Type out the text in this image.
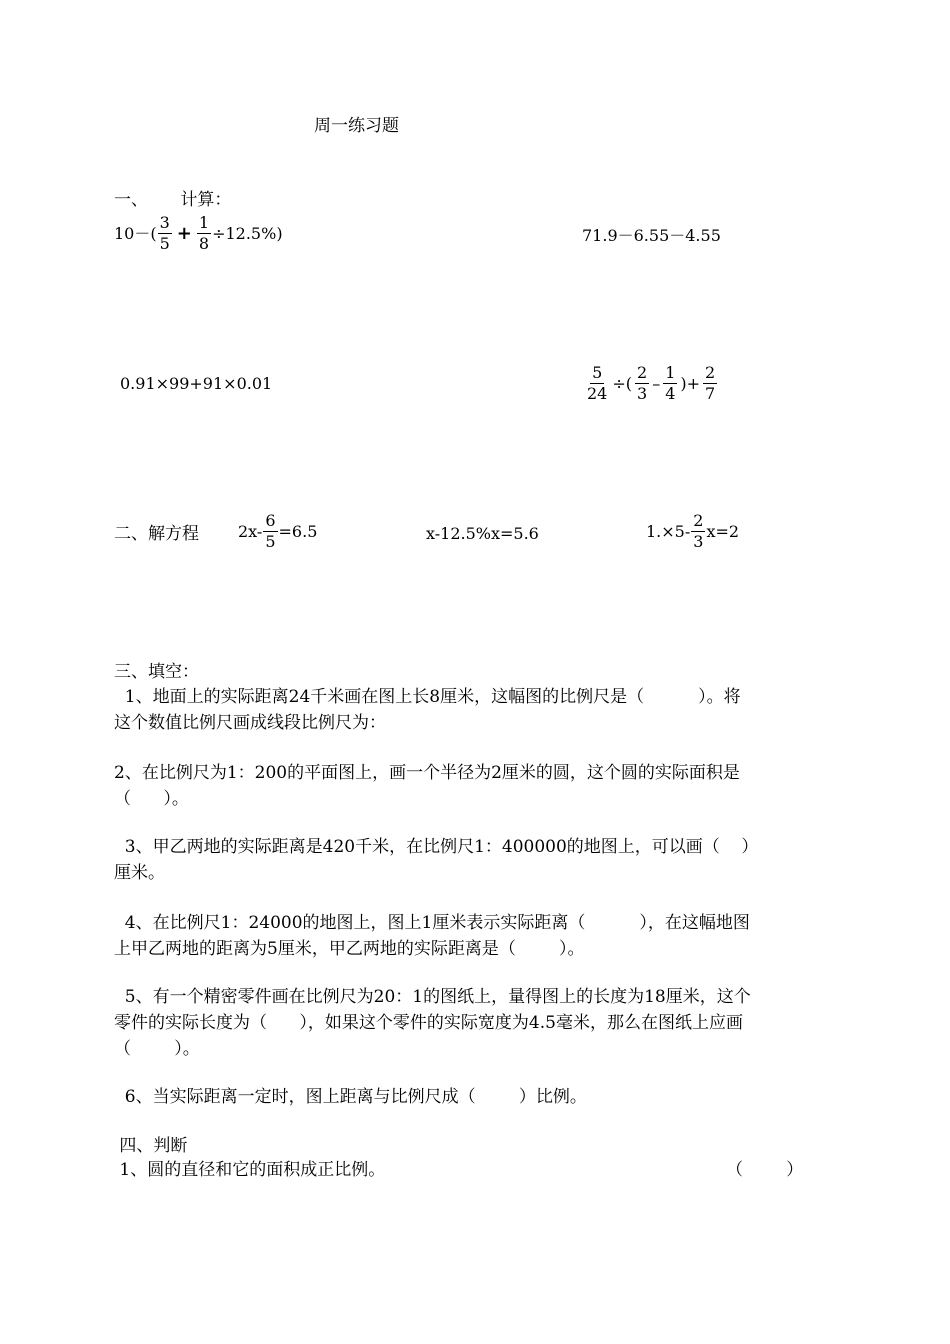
周一练习题
一、      计算：
$10-( \frac{3}{5} + \frac{1}{8} \div 12.5\%)$	71.9－6.55－4.55
0.91×99+91×0.01	$\frac{5}{24}$ ÷( $\frac{2}{3} - \frac{1}{4}$ )+ $\frac{2}{7}$
二、解方程 $2x- \frac{6}{5} =6.5$	x-12.5%x=5.6	$1.\times 5- \frac{2}{3} x=2$
三、填空：
1、地面上的实际距离24千米画在图上长8厘米，这幅图的比例尺是（          ）。将
这个数值比例尺画成线段比例尺为：
2、在比例尺为1：200的平面图上，画一个半径为2厘米的圆，这个圆的实际面积是
（      ）。
3、甲乙两地的实际距离是420千米，在比例尺1：400000的地图上，可以画（    ）
厘米。
4、在比例尺1：24000的地图上，图上1厘米表示实际距离（          ），在这幅地图
上甲乙两地的距离为5厘米，甲乙两地的实际距离是（        ）。
5、有一个精密零件画在比例尺为20：1的图纸上，量得图上的长度为18厘米，这个
零件的实际长度为（      ），如果这个零件的实际宽度为4.5毫米，那么在图纸上应画
（        ）。
6、当实际距离一定时，图上距离与比例尺成（        ）比例。
四、判断
1、圆的直径和它的面积成正比例。	（        ）
